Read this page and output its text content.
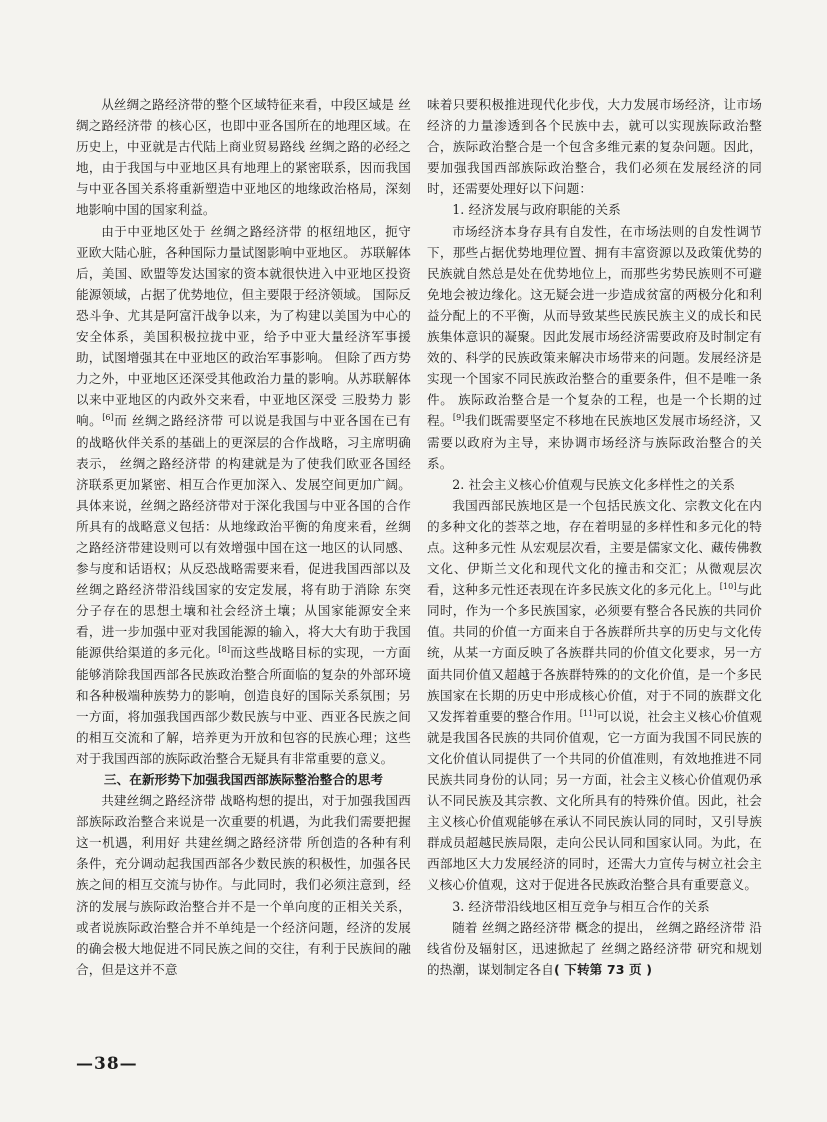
从丝绸之路经济带的整个区域特征来看，中段区域是 丝绸之路经济带 的核心区，也即中亚各国所在的地理区域。在历史上，中亚就是古代陆上商业贸易路线 丝绸之路的必经之地，由于我国与中亚地区具有地理上的紧密联系，因而我国与中亚各国关系将重新塑造中亚地区的地缘政治格局，深刻地影响中国的国家利益。

由于中亚地区处于 丝绸之路经济带 的枢纽地区，扼守亚欧大陆心脏，各种国际力量试图影响中亚地区。 苏联解体后，美国、欧盟等发达国家的资本就很快进入中亚地区投资能源领域，占据了优势地位，但主要限于经济领域。 国际反恐斗争、尤其是阿富汗战争以来，为了构建以美国为中心的安全体系，美国积极拉拢中亚，给予中亚大量经济军事援助，试图增强其在中亚地区的政治军事影响。 但除了西方势力之外，中亚地区还深受其他政治力量的影响。从苏联解体以来中亚地区的内政外交来看，中亚地区深受 三股势力 影响。[6]而 丝绸之路经济带 可以说是我国与中亚各国在已有的战略伙伴关系的基础上的更深层的合作战略，习主席明确表示， 丝绸之路经济带 的构建就是为了使我们欧亚各国经济联系更加紧密、相互合作更加深入、发展空间更加广阔。具体来说，丝绸之路经济带对于深化我国与中亚各国的合作所具有的战略意义包括：从地缘政治平衡的角度来看，丝绸之路经济带建设则可以有效增强中国在这一地区的认同感、参与度和话语权；从反恐战略需要来看，促进我国西部以及丝绸之路经济带沿线国家的安定发展，将有助于消除 东突 分子存在的思想土壤和社会经济土壤；从国家能源安全来看，进一步加强中亚对我国能源的输入，将大大有助于我国能源供给渠道的多元化。[8]而这些战略目标的实现，一方面能够消除我国西部各民族政治整合所面临的复杂的外部环境和各种极端种族势力的影响，创造良好的国际关系氛围；另一方面，将加强我国西部少数民族与中亚、西亚各民族之间的相互交流和了解，培养更为开放和包容的民族心理；这些对于我国西部的族际政治整合无疑具有非常重要的意义。

三、在新形势下加强我国西部族际整治整合的思考

共建丝绸之路经济带 战略构想的提出，对于加强我国西部族际政治整合来说是一次重要的机遇，为此我们需要把握这一机遇，利用好 共建丝绸之路经济带 所创造的各种有利条件，充分调动起我国西部各少数民族的积极性，加强各民族之间的相互交流与协作。与此同时，我们必须注意到，经济的发展与族际政治整合并不是一个单向度的正相关关系，或者说族际政治整合并不单纯是一个经济问题，经济的发展的确会极大地促进不同民族之间的交往，有利于民族间的融合，但是这并不意

味着只要积极推进现代化步伐，大力发展市场经济，让市场经济的力量渗透到各个民族中去，就可以实现族际政治整合，族际政治整合是一个包含多维元素的复杂问题。因此，要加强我国西部族际政治整合，我们必须在发展经济的同时，还需要处理好以下问题：

1. 经济发展与政府职能的关系

市场经济本身存具有自发性，在市场法则的自发性调节下，那些占据优势地理位置、拥有丰富资源以及政策优势的民族就自然总是处在优势地位上，而那些劣势民族则不可避免地会被边缘化。这无疑会进一步造成贫富的两极分化和利益分配上的不平衡，从而导致某些民族民族主义的成长和民族集体意识的凝聚。因此发展市场经济需要政府及时制定有效的、科学的民族政策来解决市场带来的问题。发展经济是实现一个国家不同民族政治整合的重要条件，但不是唯一条件。 族际政治整合是一个复杂的工程，也是一个长期的过程。[9]我们既需要坚定不移地在民族地区发展市场经济，又需要以政府为主导，来协调市场经济与族际政治整合的关系。

2. 社会主义核心价值观与民族文化多样性之的关系

我国西部民族地区是一个包括民族文化、宗教文化在内的多种文化的荟萃之地，存在着明显的多样性和多元化的特点。这种多元性 从宏观层次看，主要是儒家文化、藏传佛教文化、伊斯兰文化和现代文化的撞击和交汇；从微观层次看，这种多元性还表现在许多民族文化的多元化上。[10]与此同时，作为一个多民族国家，必须要有整合各民族的共同价值。共同的价值一方面来自于各族群所共享的历史与文化传统，从某一方面反映了各族群共同的价值文化要求，另一方面共同价值又超越于各族群特殊的的文化价值，是一个多民族国家在长期的历史中形成核心价值，对于不同的族群文化又发挥着重要的整合作用。[11]可以说，社会主义核心价值观就是我国各民族的共同价值观，它一方面为我国不同民族的文化价值认同提供了一个共同的价值准则，有效地推进不同民族共同身份的认同；另一方面，社会主义核心价值观仍承认不同民族及其宗教、文化所具有的特殊价值。因此，社会主义核心价值观能够在承认不同民族认同的同时，又引导族群成员超越民族局限，走向公民认同和国家认同。为此，在西部地区大力发展经济的同时，还需大力宣传与树立社会主义核心价值观，这对于促进各民族政治整合具有重要意义。

3. 经济带沿线地区相互竞争与相互合作的关系

随着 丝绸之路经济带 概念的提出， 丝绸之路经济带 沿线省份及辐射区，迅速掀起了 丝绸之路经济带 研究和规划的热潮，谋划制定各自( 下转第 73 页 )

—38—
